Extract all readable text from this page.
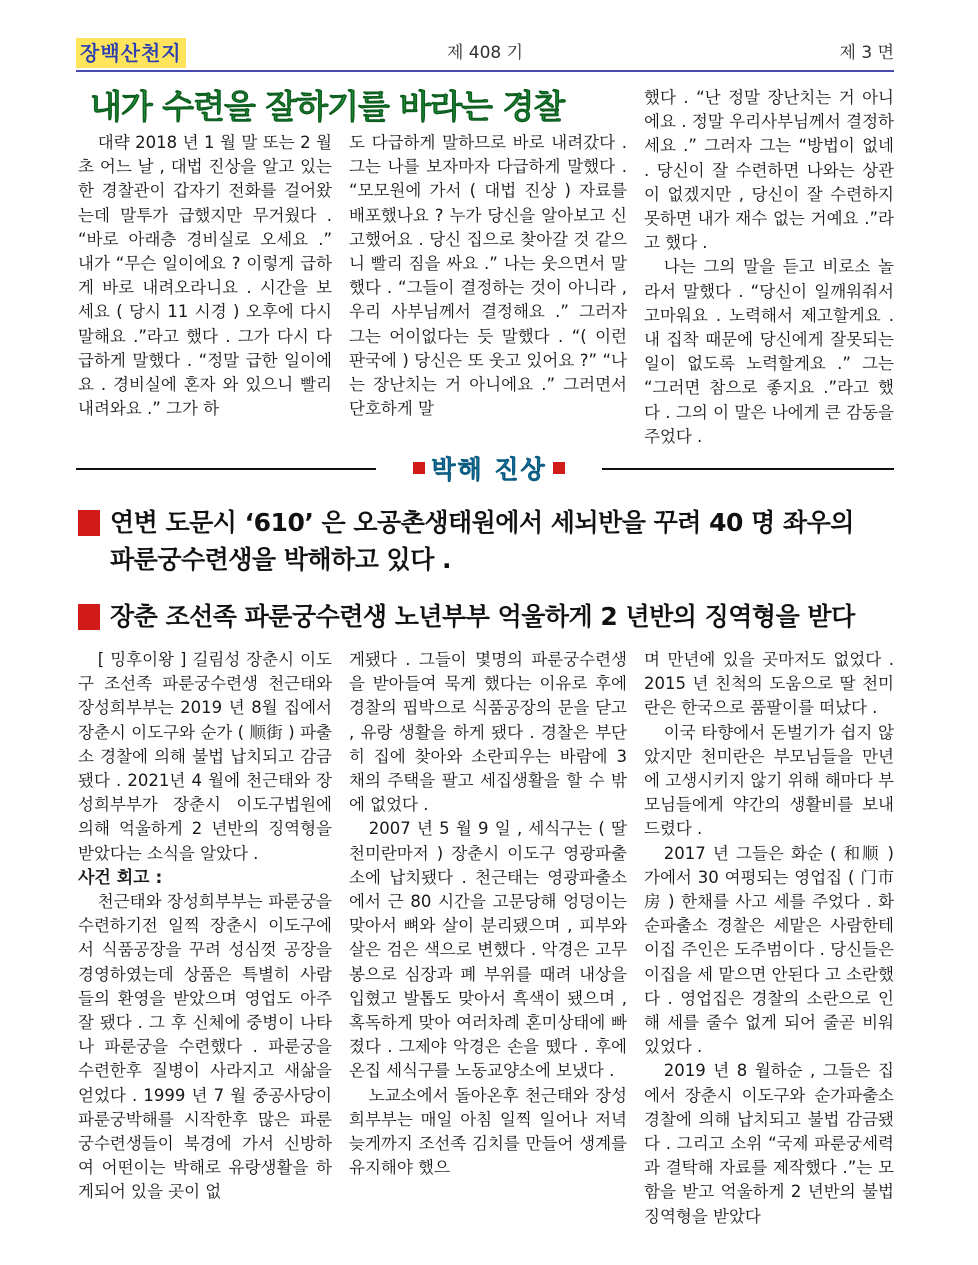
장백산천지	제 408 기	제 3 면
내가 수련을 잘하기를 바라는 경찰

대략 2018 년 1 월 말 또는 2 월 초 어느 날 , 대법 진상을 알고 있는 한 경찰관이 갑자기 전화를 걸어왔는데 말투가 급했지만 무거웠다 . “바로 아래층 경비실로 오세요 .” 내가 “무슨 일이에요 ? 이렇게 급하게 바로 내려오라니요 . 시간을 보세요 ( 당시 11 시경 ) 오후에 다시 말해요 .”라고 했다 . 그가 다시 다급하게 말했다 . “정말 급한 일이에요 . 경비실에 혼자 와 있으니 빨리 내려와요 .” 그가 하

도 다급하게 말하므로 바로 내려갔다 . 그는 나를 보자마자 다급하게 말했다 . “모모원에 가서 ( 대법 진상 ) 자료를 배포했나요 ? 누가 당신을 알아보고 신고했어요 . 당신 집으로 찾아갈 것 같으니 빨리 짐을 싸요 .” 나는 웃으면서 말했다 . “그들이 결정하는 것이 아니라 , 우리 사부님께서 결정해요 .” 그러자 그는 어이없다는 듯 말했다 . “( 이런 판국에 ) 당신은 또 웃고 있어요 ?” “나는 장난치는 거 아니에요 .” 그러면서 단호하게 말

했다 . “난 정말 장난치는 거 아니에요 . 정말 우리사부님께서 결정하세요 .” 그러자 그는 “방법이 없네 . 당신이 잘 수련하면 나와는 상관이 없겠지만 , 당신이 잘 수련하지 못하면 내가 재수 없는 거예요 .”라고 했다 .

나는 그의 말을 듣고 비로소 놀라서 말했다 . “당신이 일깨워줘서 고마워요 . 노력해서 제고할게요 . 내 집착 때문에 당신에게 잘못되는 일이 없도록 노력할게요 .” 그는 “그러면 참으로 좋지요 .”라고 했다 . 그의 이 말은 나에게 큰 감동을 주었다 .

박해 진상
연변 도문시 ‘610’ 은 오공촌생태원에서 세뇌반을 꾸려 40 명 좌우의
파룬궁수련생을 박해하고 있다 .
장춘 조선족 파룬궁수련생 노년부부 억울하게 2 년반의 징역형을 받다

[ 밍후이왕 ] 길림성 장춘시 이도구 조선족 파룬궁수련생 천근태와 장성희부부는 2019 년 8월 집에서 장춘시 이도구와 순가 ( 顺街 ) 파출소 경찰에 의해 불법 납치되고 감금됐다 . 2021년 4 월에 천근태와 장성희부부가 장춘시 이도구법원에 의해 억울하게 2 년반의 징역형을 받았다는 소식을 알았다 .

사건 회고 :

천근태와 장성희부부는 파룬궁을 수련하기전 일찍 장춘시 이도구에서 식품공장을 꾸려 성심껏 공장을 경영하였는데 상품은 특별히 사람들의 환영을 받았으며 영업도 아주 잘 됐다 . 그 후 신체에 중병이 나타나 파룬궁을 수련했다 . 파룬궁을 수련한후 질병이 사라지고 새삶을 얻었다 . 1999 년 7 월 중공사당이 파룬궁박해를 시작한후 많은 파룬궁수련생들이 북경에 가서 신방하여 어떤이는 박해로 유랑생활을 하게되어 있을 곳이 없

게됐다 . 그들이 몇명의 파룬궁수련생을 받아들여 묵게 했다는 이유로 후에 경찰의 핍박으로 식품공장의 문을 닫고 , 유랑 생활을 하게 됐다 . 경찰은 부단히 집에 찾아와 소란피우는 바람에 3 채의 주택을 팔고 세집생활을 할 수 밖에 없었다 .

2007 년 5 월 9 일 , 세식구는 ( 딸 천미란마저 ) 장춘시 이도구 영광파출소에 납치됐다 . 천근태는 영광파출소에서 근 80 시간을 고문당해 엉덩이는 맞아서 뼈와 살이 분리됐으며 , 피부와 살은 검은 색으로 변했다 . 악경은 고무봉으로 심장과 폐 부위를 때려 내상을 입혔고 발톱도 맞아서 흑색이 됐으며 , 혹독하게 맞아 여러차례 혼미상태에 빠졌다 . 그제야 악경은 손을 뗐다 . 후에 온집 세식구를 노동교양소에 보냈다 .

노교소에서 돌아온후 천근태와 장성희부부는 매일 아침 일찍 일어나 저녁 늦게까지 조선족 김치를 만들어 생계를 유지해야 했으

며 만년에 있을 곳마저도 없었다 . 2015 년 친척의 도움으로 딸 천미란은 한국으로 품팔이를 떠났다 .

이국 타향에서 돈벌기가 쉽지 않았지만 천미란은 부모님들을 만년에 고생시키지 않기 위해 해마다 부모님들에게 약간의 생활비를 보내드렸다 .

2017 년 그들은 화순 ( 和顺 ) 가에서 30 여평되는 영업집 ( 门市房 ) 한채를 사고 세를 주었다 . 화순파출소 경찰은 세맡은 사람한테 이집 주인은 도주범이다 . 당신들은 이집을 세 맡으면 안된다 고 소란했다 . 영업집은 경찰의 소란으로 인해 세를 줄수 없게 되어 줄곧 비워있었다 .

2019 년 8 월하순 , 그들은 집에서 장춘시 이도구와 순가파출소 경찰에 의해 납치되고 불법 감금됐다 . 그리고 소위 “국제 파룬궁세력과 결탁해 자료를 제작했다 .”는 모함을 받고 억울하게 2 년반의 불법징역형을 받았다
